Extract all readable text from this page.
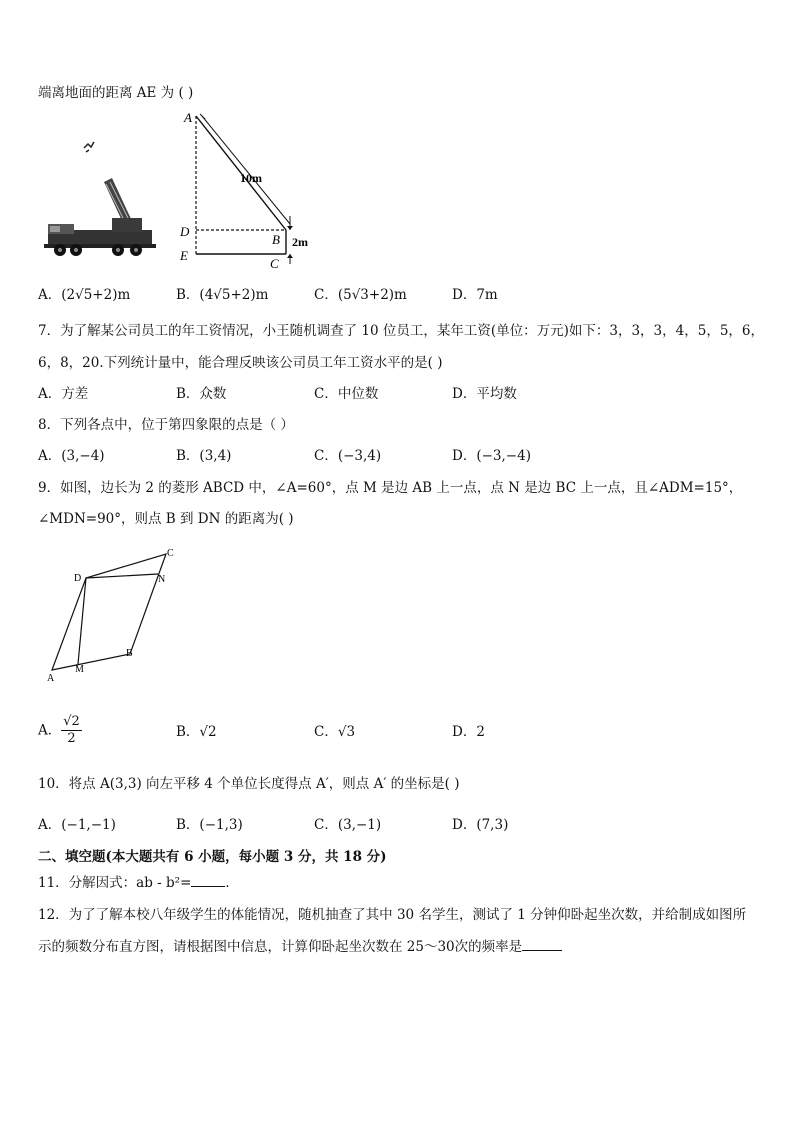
端离地面的距离 AE 为 ( )
A
10m
D
B 2m
E
C
A．(2√5+2)m	B．(4√5+2)m	C．(5√3+2)m	D．7m
7．为了解某公司员工的年工资情况，小王随机调查了 10 位员工，某年工资(单位：万元)如下：3，3，3，4，5，5，6，
6，8，20.下列统计量中，能合理反映该公司员工年工资水平的是( )
A．方差	B．众数	C．中位数	D．平均数
8．下列各点中，位于第四象限的点是（ ）
A．(3,−4)	B．(3,4)	C．(−3,4)	D．(−3,−4)
9．如图，边长为 2 的菱形 ABCD 中，∠A=60°，点 M 是边 AB 上一点，点 N 是边 BC 上一点，且∠ADM=15°，
∠MDN=90°，则点 B 到 DN 的距离为( )
C
D	N
B
M
A
A． $\frac{√2}{2}$	B．√2	C．√3	D．2
10．将点 A(3,3) 向左平移 4 个单位长度得点 A′，则点 A′ 的坐标是( )
A．(−1,−1)	B．(−1,3)	C．(3,−1)	D．(7,3)
二、填空题(本大题共有 6 小题，每小题 3 分，共 18 分)
11．分解因式：ab - b²=	．
12．为了了解本校八年级学生的体能情况，随机抽查了其中 30 名学生，测试了 1 分钟仰卧起坐次数，并给制成如图所
示的频数分布直方图，请根据图中信息，计算仰卧起坐次数在 25～30次的频率是
